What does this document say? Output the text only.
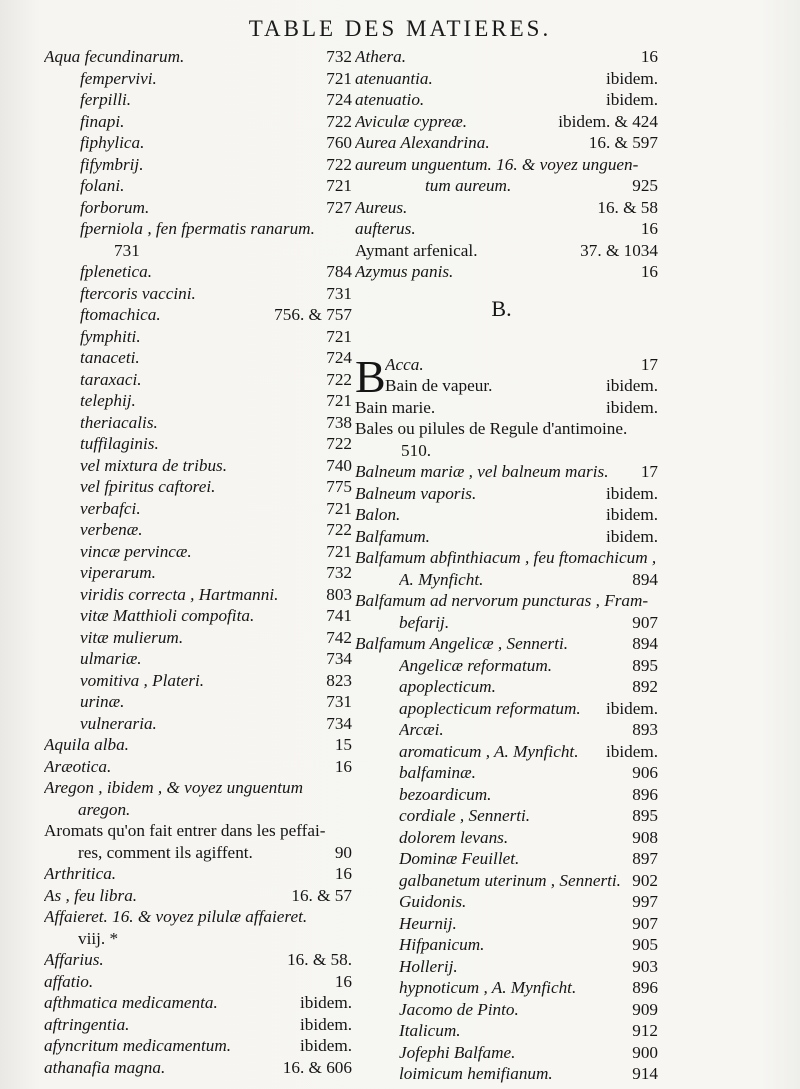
TABLE DES MATIERES.
Aqua fecundinarum.	732
fempervivi.	721
ferpilli.	724
finapi.	722
fiphylica.	760
fifymbrij.	722
folani.	721
forborum.	727
fperniola , fen fpermatis ranarum.
731
fplenetica.	784
ftercoris vaccini.	731
ftomachica.	756. & 757
fymphiti.	721
tanaceti.	724
taraxaci.	722
telephij.	721
theriacalis.	738
tuffilaginis.	722
vel mixtura de tribus.	740
vel fpiritus caftorei.	775
verbafci.	721
verbenæ.	722
vincæ pervincæ.	721
viperarum.	732
viridis correcta , Hartmanni.	803
vitæ Matthioli compofita.	741
vitæ mulierum.	742
ulmariæ.	734
vomitiva , Plateri.	823
urinæ.	731
vulneraria.	734
Aquila alba.	15
Aræotica.	16
Aregon , ibidem , & voyez unguentum
aregon.
Aromats qu'on fait entrer dans les peffai-
res, comment ils agiffent.	90
Arthritica.	16
As , feu libra.	16. & 57
Affaieret. 16. & voyez pilulæ affaieret.
viij. *
Affarius.	16. & 58.
affatio.	16
afthmatica medicamenta.	ibidem.
aftringentia.	ibidem.
afyncritum medicamentum.	ibidem.
athanafia magna.	16. & 606
Athera.	16
atenuantia.	ibidem.
atenuatio.	ibidem.
Aviculæ cypreæ.	ibidem. & 424
Aurea Alexandrina.	16. & 597
aureum unguentum. 16. & voyez unguen-
tum aureum.	925
Aureus.	16. & 58
aufterus.	16
Aymant arfenical.	37. & 1034
Azymus panis.	16
B.
B Acca.	17
Bain de vapeur.	ibidem.
Bain marie.	ibidem.
Bales ou pilules de Regule d'antimoine.
510.
Balneum mariæ , vel balneum maris. 17
Balneum vaporis.	ibidem.
Balon.	ibidem.
Balfamum.	ibidem.
Balfamum abfinthiacum , feu ftomachicum ,
A. Mynficht.	894
Balfamum ad nervorum puncturas , Fram-
befarij.	907
Balfamum Angelicæ , Sennerti.	894
Angelicæ reformatum.	895
apoplecticum.	892
apoplecticum reformatum. ibidem.
Arcæi.	893
aromaticum , A. Mynficht. ibidem.
balfaminæ.	906
bezoardicum.	896
cordiale , Sennerti.	895
dolorem levans.	908
Dominæ Feuillet.	897
galbanetum uterinum , Sennerti. 902
Guidonis.	997
Heurnij.	907
Hifpanicum.	905
Hollerij.	903
hypnoticum , A. Mynficht.	896
Jacomo de Pinto.	909
Italicum.	912
Jofephi Balfame.	900
loimicum hemifianum.	914
